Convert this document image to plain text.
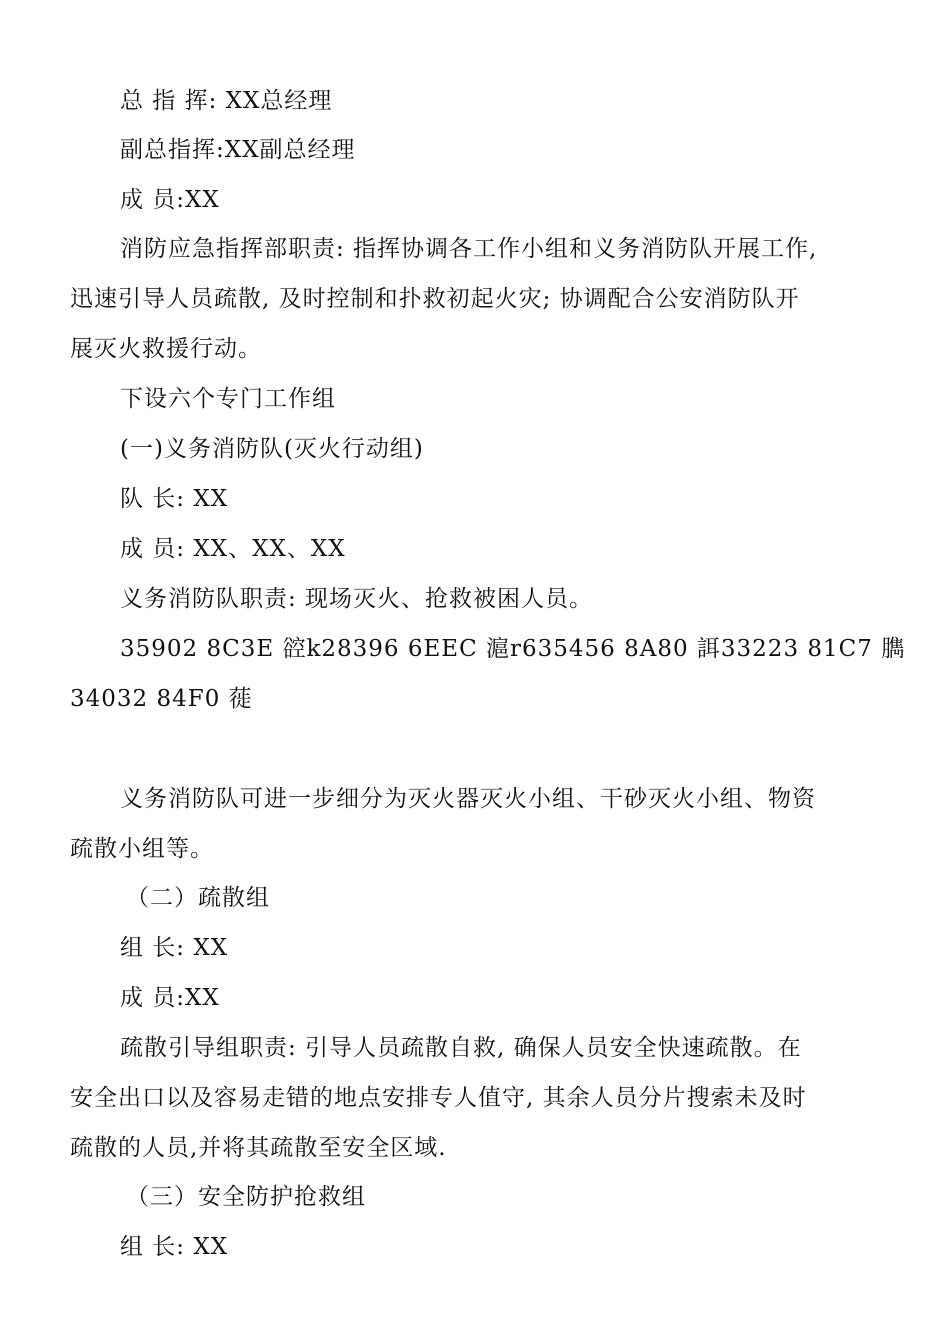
总 指 挥: XX总经理
副总指挥:XX副总经理
成 员:XX
消防应急指挥部职责: 指挥协调各工作小组和义务消防队开展工作,
迅速引导人员疏散, 及时控制和扑救初起火灾; 协调配合公安消防队开
展灭火救援行动。
下设六个专门工作组
(一)义务消防队(灭火行动组)
队 长: XX
成 员: XX、XX、XX
义务消防队职责: 现场灭火、抢救被困人员。
35902 8C3E 谾k28396 6EEC 滬r635456 8A80 誀33223 81C7 臇
34032 84F0 蓰
义务消防队可进一步细分为灭火器灭火小组、干砂灭火小组、物资
疏散小组等。
（二）疏散组
组 长: XX
成 员:XX
疏散引导组职责: 引导人员疏散自救, 确保人员安全快速疏散。在
安全出口以及容易走错的地点安排专人值守, 其余人员分片搜索未及时
疏散的人员,并将其疏散至安全区域.
（三）安全防护抢救组
组 长: XX
